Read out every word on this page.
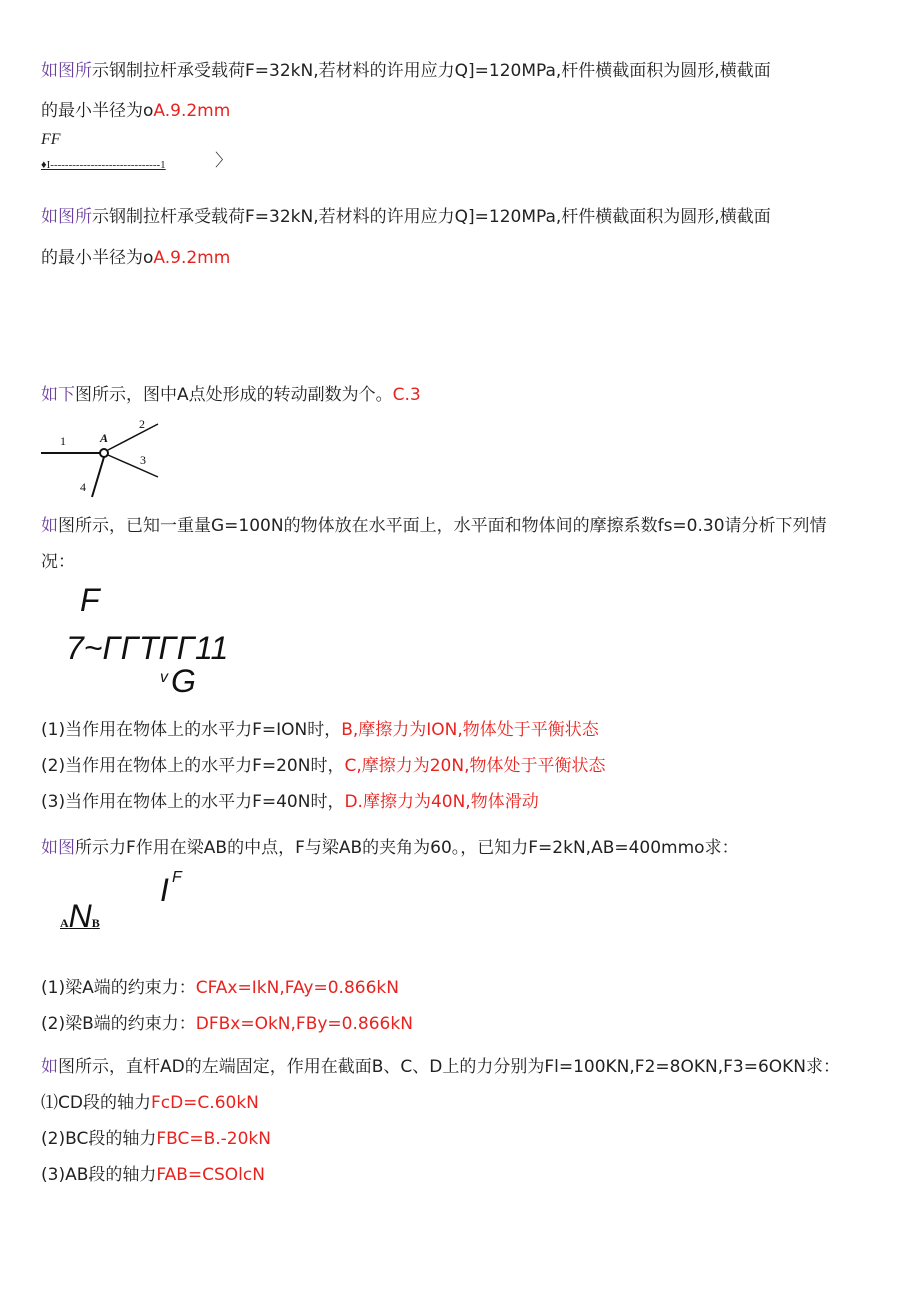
如图所示钢制拉杆承受载荷F=32kN,若材料的许用应力Q]=120MPa,杆件横截面积为圆形,横截面
的最小半径为oA.9.2mm
FF
♦I------------------------------1	〉
如图所示钢制拉杆承受载荷F=32kN,若材料的许用应力Q]=120MPa,杆件横截面积为圆形,横截面
的最小半径为oA.9.2mm
如下图所示，图中A点处形成的转动副数为个。C.3
1
2
3
4
A
如图所示，已知一重量G=100N的物体放在水平面上，水平面和物体间的摩擦系数fs=0.30请分析下列情
况：
F
7~ΓΓΤΓΓ11
v G
(1)当作用在物体上的水平力F=ION时，B,摩擦力为ION,物体处于平衡状态
(2)当作用在物体上的水平力F=20N时，C,摩擦力为20N,物体处于平衡状态
(3)当作用在物体上的水平力F=40N时，D.摩擦力为40N,物体滑动
如图所示力F作用在梁AB的中点，F与梁AB的夹角为60。，已知力F=2kN,AB=400mmo求：
I F
ANB
(1)梁A端的约束力：CFAx=IkN,FAy=0.866kN
(2)梁B端的约束力：DFBx=OkN,FBy=0.866kN
如图所示，直杆AD的左端固定，作用在截面B、C、D上的力分别为Fl=100KN,F2=8OKN,F3=6OKN求：
⑴CD段的轴力FcD=C.60kN
(2)BC段的轴力FBC=B.-20kN
(3)AB段的轴力FAB=CSOlcN
